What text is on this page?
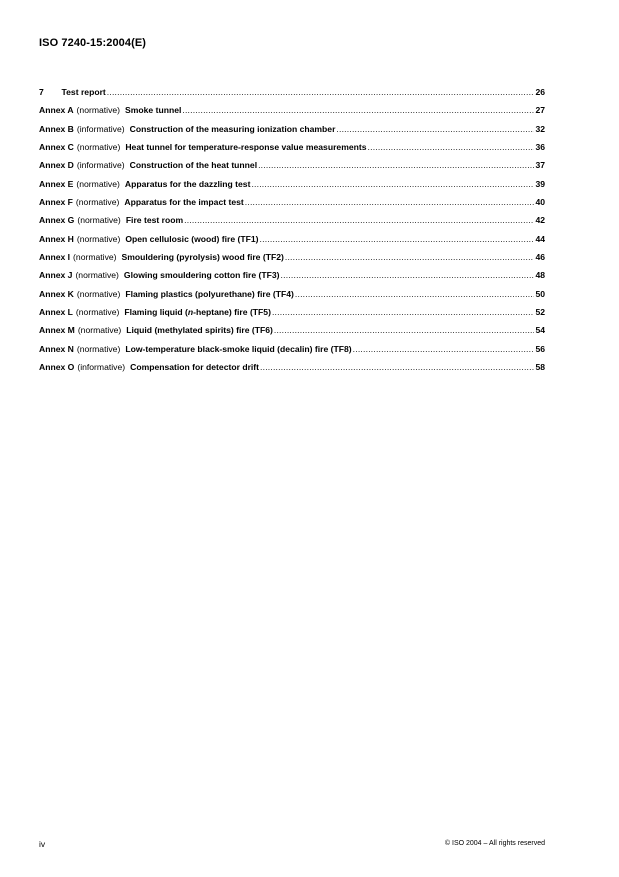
ISO 7240-15:2004(E)
7	Test report .....	26
Annex A (normative) Smoke tunnel .....	27
Annex B (informative) Construction of the measuring ionization chamber .....	32
Annex C (normative) Heat tunnel for temperature-response value measurements .....	36
Annex D (informative) Construction of the heat tunnel .....	37
Annex E (normative) Apparatus for the dazzling test .....	39
Annex F (normative) Apparatus for the impact test .....	40
Annex G (normative) Fire test room .....	42
Annex H (normative) Open cellulosic (wood) fire (TF1) .....	44
Annex I (normative) Smouldering (pyrolysis) wood fire (TF2) .....	46
Annex J (normative) Glowing smouldering cotton fire (TF3) .....	48
Annex K (normative) Flaming plastics (polyurethane) fire (TF4) .....	50
Annex L (normative) Flaming liquid (n-heptane) fire (TF5) .....	52
Annex M (normative) Liquid (methylated spirits) fire (TF6) .....	54
Annex N (normative) Low-temperature black-smoke liquid (decalin) fire (TF8) .....	56
Annex O (informative) Compensation for detector drift .....	58
iv	© ISO 2004 – All rights reserved
